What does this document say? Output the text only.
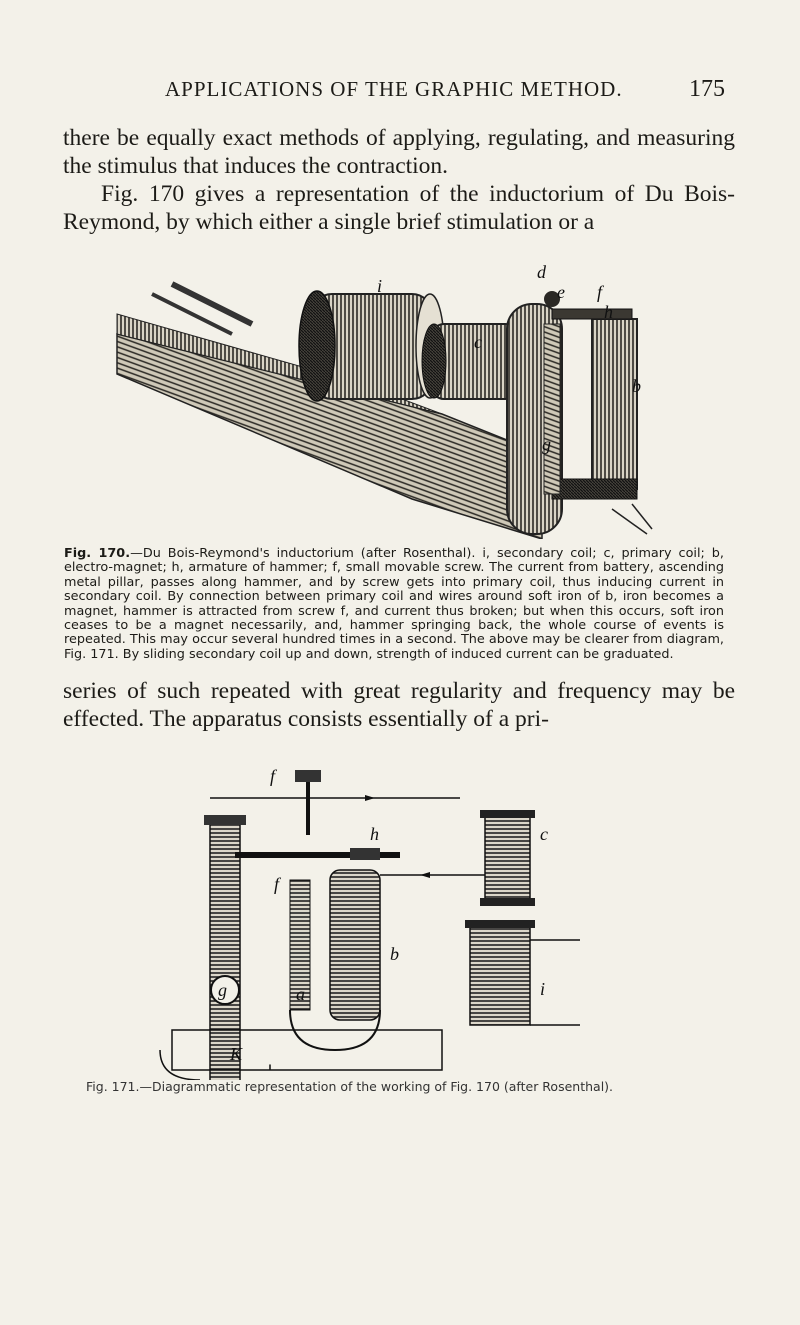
APPLICATIONS OF THE GRAPHIC METHOD.	175

there be equally exact methods of applying, regulating, and measuring the stimulus that induces the contraction.

Fig. 170 gives a representation of the inductorium of Du Bois-Reymond, by which either a single brief stimulation or a

d
i	e f
c
h
b
g
Fig. 170.—Du Bois-Reymond's inductorium (after Rosenthal). i, secondary coil; c, primary coil; b, electro-magnet; h, armature of hammer; f, small movable screw. The current from battery, ascending metal pillar, passes along hammer, and by screw gets into primary coil, thus inducing current in secondary coil. By connection between primary coil and wires around soft iron of b, iron becomes a magnet, hammer is attracted from screw f, and current thus broken; but when this occurs, soft iron ceases to be a magnet necessarily, and, hammer springing back, the whole course of events is repeated. This may occur several hundred times in a second. The above may be clearer from diagram, Fig. 171. By sliding secondary coil up and down, strength of induced current can be graduated.

series of such repeated with great regularity and frequency may be effected. The apparatus consists essentially of a pri-

f
h	c
f
g	a
b
i
K
Fig. 171.—Diagrammatic representation of the working of Fig. 170 (after Rosenthal).
